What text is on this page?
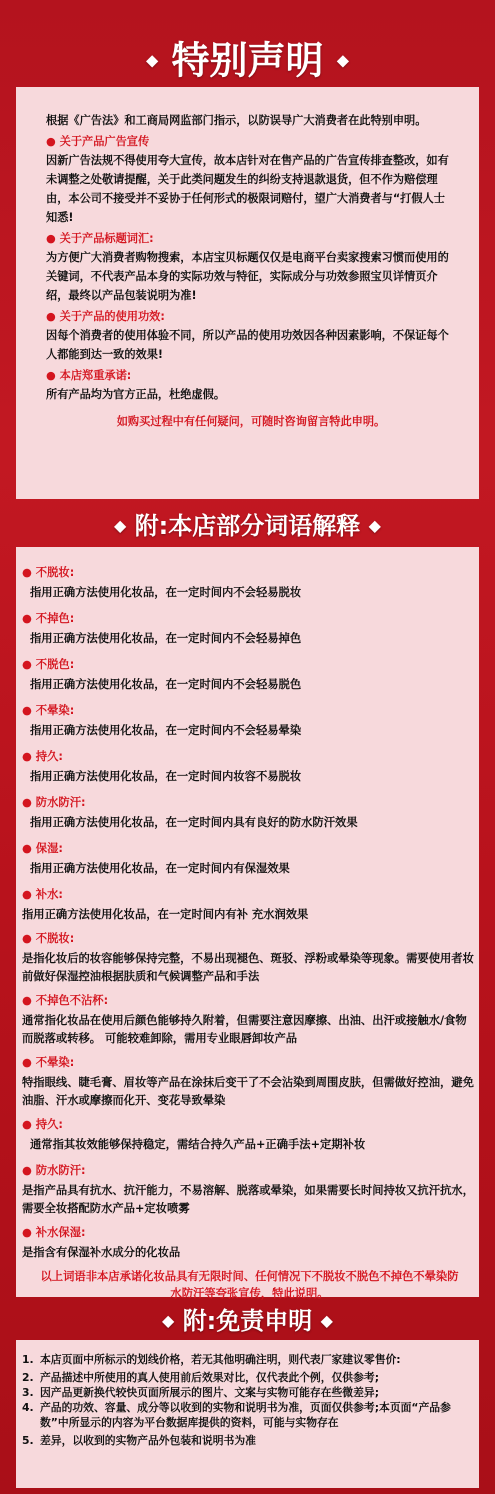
◆ 特别声明 ◆

根据《广告法》和工商局网监部门指示，以防误导广大消费者在此特别申明。

● 关于产品广告宣传

因新广告法规不得使用夸大宣传，故本店针对在售产品的广告宣传排查整改，如有未调整之处敬请提醒，关于此类问题发生的纠纷支持退款退货，但不作为赔偿理由，本公司不接受并不妥协于任何形式的极限词赔付，望广大消费者与“打假人士知悉!

● 关于产品标题词汇:

为方便广大消费者购物搜索，本店宝贝标题仅仅是电商平台卖家搜索习惯而使用的关键词，不代表产品本身的实际功效与特征，实际成分与功效参照宝贝详情页介绍，最终以产品包装说明为准!

● 关于产品的使用功效:

因每个消费者的使用体验不同，所以产品的使用功效因各种因素影响，不保证每个人都能到达一致的效果!

● 本店郑重承诺:

所有产品均为官方正品，杜绝虚假。

如购买过程中有任何疑问，可随时咨询留言特此申明。

◆ 附:本店部分词语解释 ◆
● 不脱妆:
指用正确方法使用化妆品，在一定时间内不会轻易脱妆
● 不掉色:
指用正确方法使用化妆品，在一定时间内不会轻易掉色
● 不脱色:
指用正确方法使用化妆品，在一定时间内不会轻易脱色
● 不晕染:
指用正确方法使用化妆品，在一定时间内不会轻易晕染
● 持久:
指用正确方法使用化妆品，在一定时间内妆容不易脱妆
● 防水防汗:
指用正确方法使用化妆品，在一定时间内具有良好的防水防汗效果
● 保湿:
指用正确方法使用化妆品，在一定时间内有保湿效果
● 补水:
指用正确方法使用化妆品，在一定时间内有补 充水润效果
● 不脱妆:
是指化妆后的妆容能够保持完整，不易出现褪色、斑驳、浮粉或晕染等现象。需要使用者妆前做好保湿控油根据肤质和气候调整产品和手法
● 不掉色不沾杯:
通常指化妆品在使用后颜色能够持久附着，但需要注意因摩擦、出油、出汗或接触水/食物而脱落或转移。 可能较难卸除，需用专业眼唇卸妆产品
● 不晕染:
特指眼线、睫毛膏、眉妆等产品在涂抹后变干了不会沾染到周围皮肤，但需做好控油，避免油脂、汗水或摩擦而化开、变花导致晕染
● 持久:
通常指其妆效能够保持稳定，需结合持久产品+正确手法+定期补妆
● 防水防汗:
是指产品具有抗水、抗汗能力，不易溶解、脱落或晕染，如果需要长时间持妆又抗汗抗水，需要全妆搭配防水产品+定妆喷雾
● 补水保湿:
是指含有保湿补水成分的化妆品
以上词语非本店承诺化妆品具有无限时间、任何情况下不脱妆不脱色不掉色不晕染防水防汗等夸张宣传，特此说明。
◆ 附:免责申明 ◆
1. 本店页面中所标示的划线价格，若无其他明确注明，则代表厂家建议零售价:
2. 产品描述中所使用的真人使用前后效果对比，仅代表此个例，仅供参考;
3. 因产品更新换代较快页面所展示的图片、文案与实物可能存在些微差异;
4. 产品的功效、容量、成分等以收到的实物和说明书为准，页面仅供参考;本页面“产品参数”中所显示的内容为平台数据库提供的资料，可能与实物存在
5. 差异，以收到的实物产品外包装和说明书为准
